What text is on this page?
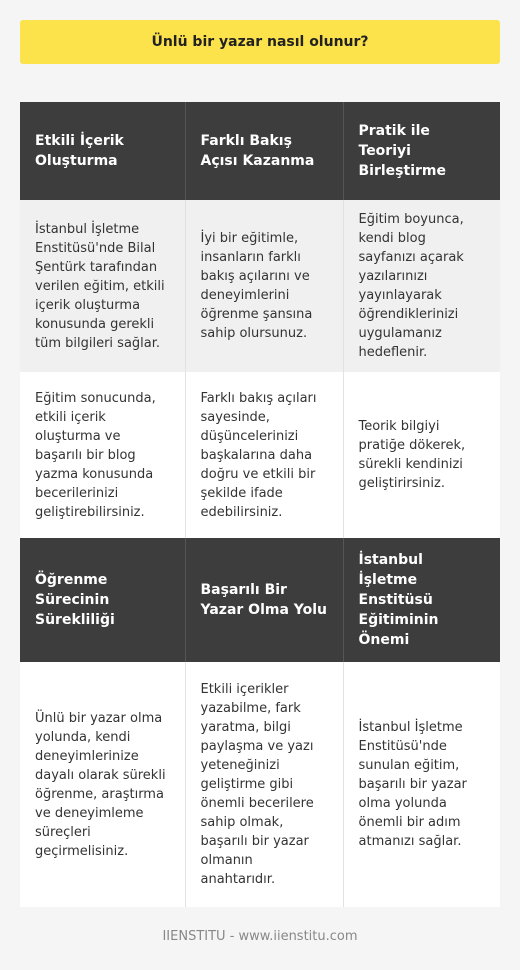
Ünlü bir yazar nasıl olunur?
Etkili İçerik Oluşturma	Farklı Bakış Açısı Kazanma	Pratik ile Teoriyi Birleştirme
İstanbul İşletme Enstitüsü'nde Bilal Şentürk tarafından verilen eğitim, etkili içerik oluşturma konusunda gerekli tüm bilgileri sağlar.	İyi bir eğitimle, insanların farklı bakış açılarını ve deneyimlerini öğrenme şansına sahip olursunuz.	Eğitim boyunca, kendi blog sayfanızı açarak yazılarınızı yayınlayarak öğrendiklerinizi uygulamanız hedeflenir.
Eğitim sonucunda, etkili içerik oluşturma ve başarılı bir blog yazma konusunda becerilerinizi geliştirebilirsiniz.	Farklı bakış açıları sayesinde, düşüncelerinizi başkalarına daha doğru ve etkili bir şekilde ifade edebilirsiniz.	Teorik bilgiyi pratiğe dökerek, sürekli kendinizi geliştirirsiniz.
Öğrenme Sürecinin Sürekliliği	Başarılı Bir Yazar Olma Yolu	İstanbul İşletme Enstitüsü Eğitiminin Önemi
Ünlü bir yazar olma yolunda, kendi deneyimlerinize dayalı olarak sürekli öğrenme, araştırma ve deneyimleme süreçleri geçirmelisiniz.	Etkili içerikler yazabilme, fark yaratma, bilgi paylaşma ve yazı yeteneğinizi geliştirme gibi önemli becerilere sahip olmak, başarılı bir yazar olmanın anahtarıdır.	İstanbul İşletme Enstitüsü'nde sunulan eğitim, başarılı bir yazar olma yolunda önemli bir adım atmanızı sağlar.
IIENSTITU - www.iienstitu.com
